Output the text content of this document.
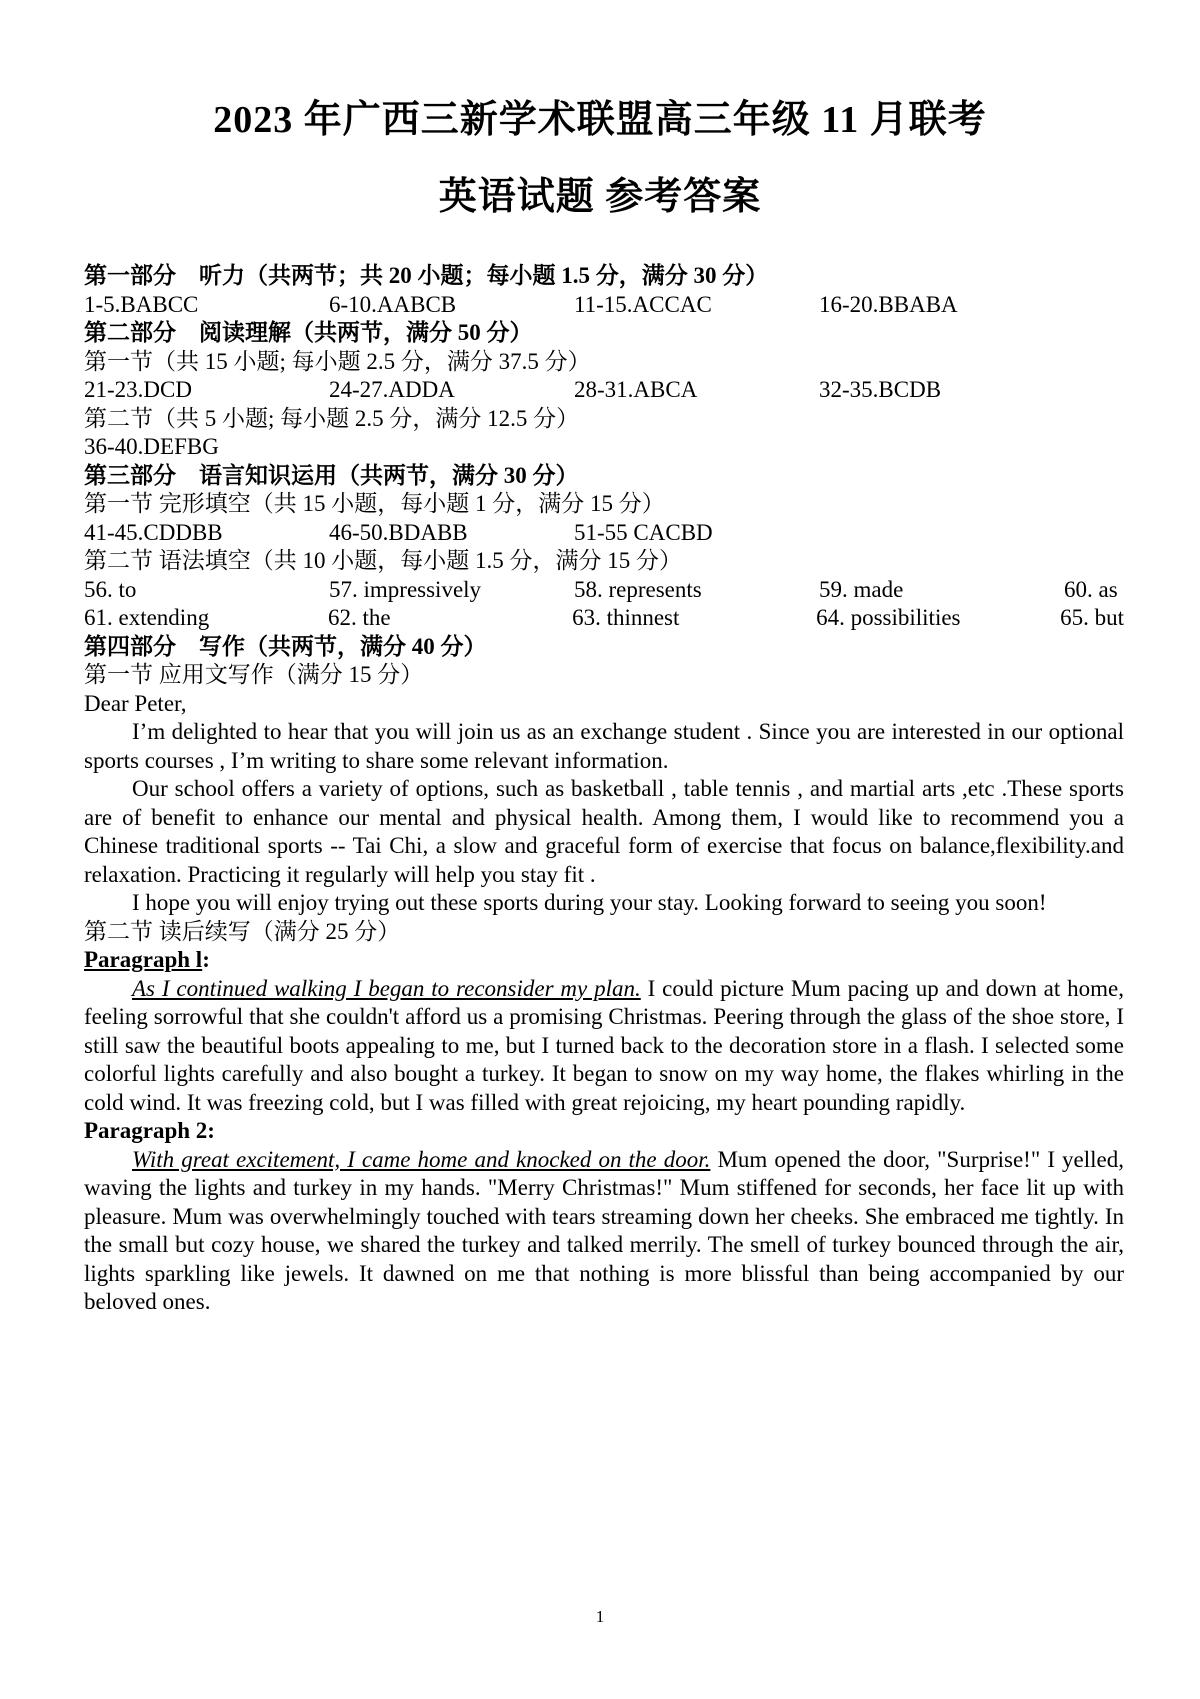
2023 年广西三新学术联盟高三年级 11 月联考
英语试题 参考答案
第一部分　听力（共两节；共 20 小题；每小题 1.5 分，满分 30 分）
1-5.BABCC	6-10.AABCB	11-15.ACCAC	16-20.BBABA
第二部分　阅读理解（共两节，满分 50 分）
第一节（共 15 小题; 每小题 2.5 分，满分 37.5 分）
21-23.DCD	24-27.ADDA	28-31.ABCA	32-35.BCDB
第二节（共 5 小题; 每小题 2.5 分，满分 12.5 分）
36-40.DEFBG
第三部分　语言知识运用（共两节，满分 30 分）
第一节 完形填空（共 15 小题，每小题 1 分，满分 15 分）
41-45.CDDBB	46-50.BDABB	51-55 CACBD
第二节 语法填空（共 10 小题，每小题 1.5 分，满分 15 分）
56. to	57. impressively	58. represents	59. made	60. as
61. extending	62. the	63. thinnest	64. possibilities	65. but
第四部分　写作（共两节，满分 40 分）
第一节 应用文写作（满分 15 分）
Dear Peter,

I’m delighted to hear that you will join us as an exchange student . Since you are interested in our optional sports courses , I’m writing to share some relevant information.

Our school offers a variety of options, such as basketball , table tennis , and martial arts ,etc .These sports are of benefit to enhance our mental and physical health. Among them, I would like to recommend you a Chinese traditional sports -- Tai Chi, a slow and graceful form of exercise that focus on balance,flexibility.and relaxation. Practicing it regularly will help you stay fit .

I hope you will enjoy trying out these sports during your stay. Looking forward to seeing you soon!

第二节 读后续写（满分 25 分）
Paragraph l:

As I continued walking I began to reconsider my plan. I could picture Mum pacing up and down at home, feeling sorrowful that she couldn't afford us a promising Christmas. Peering through the glass of the shoe store, I still saw the beautiful boots appealing to me, but I turned back to the decoration store in a flash. I selected some colorful lights carefully and also bought a turkey. It began to snow on my way home, the flakes whirling in the cold wind. It was freezing cold, but I was filled with great rejoicing, my heart pounding rapidly.

Paragraph 2:

With great excitement, I came home and knocked on the door. Mum opened the door, "Surprise!" I yelled, waving the lights and turkey in my hands. "Merry Christmas!" Mum stiffened for seconds, her face lit up with pleasure. Mum was overwhelmingly touched with tears streaming down her cheeks. She embraced me tightly. In the small but cozy house, we shared the turkey and talked merrily. The smell of turkey bounced through the air, lights sparkling like jewels. It dawned on me that nothing is more blissful than being accompanied by our beloved ones.

1
